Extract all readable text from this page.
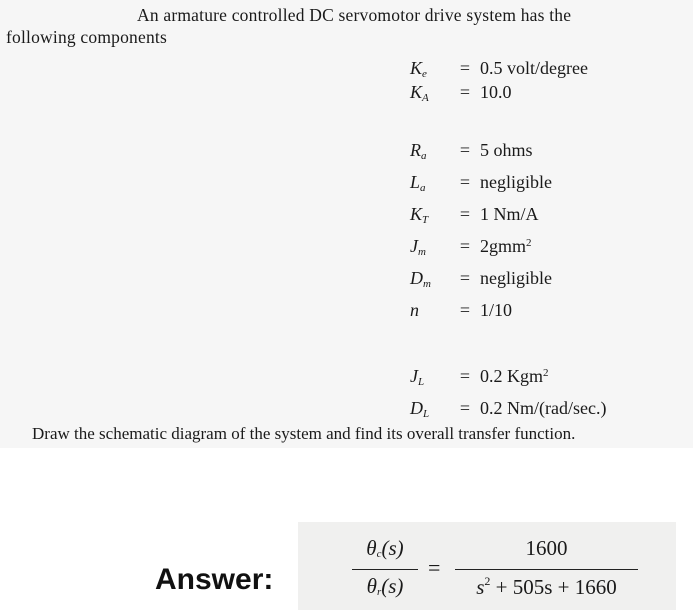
An armature controlled DC servomotor drive system has the
following components
$K_e$	= 0.5 volt/degree
$K_A$	= 10.0
$R_a$	= 5 ohms
$L_a$	= negligible
$K_T$	= 1 Nm/A
$J_m$	= 2gmm$^2$
$D_m$	= negligible
n	= 1/10
$J_L$	= 0.2 Kgm$^2$
$D_L$	= 0.2 Nm/(rad/sec.)
Draw the schematic diagram of the system and find its overall transfer function.
Answer:
$\theta_c(s)$
$\theta_r(s)$
=
1600
$s^2 + 505s + 1660$
